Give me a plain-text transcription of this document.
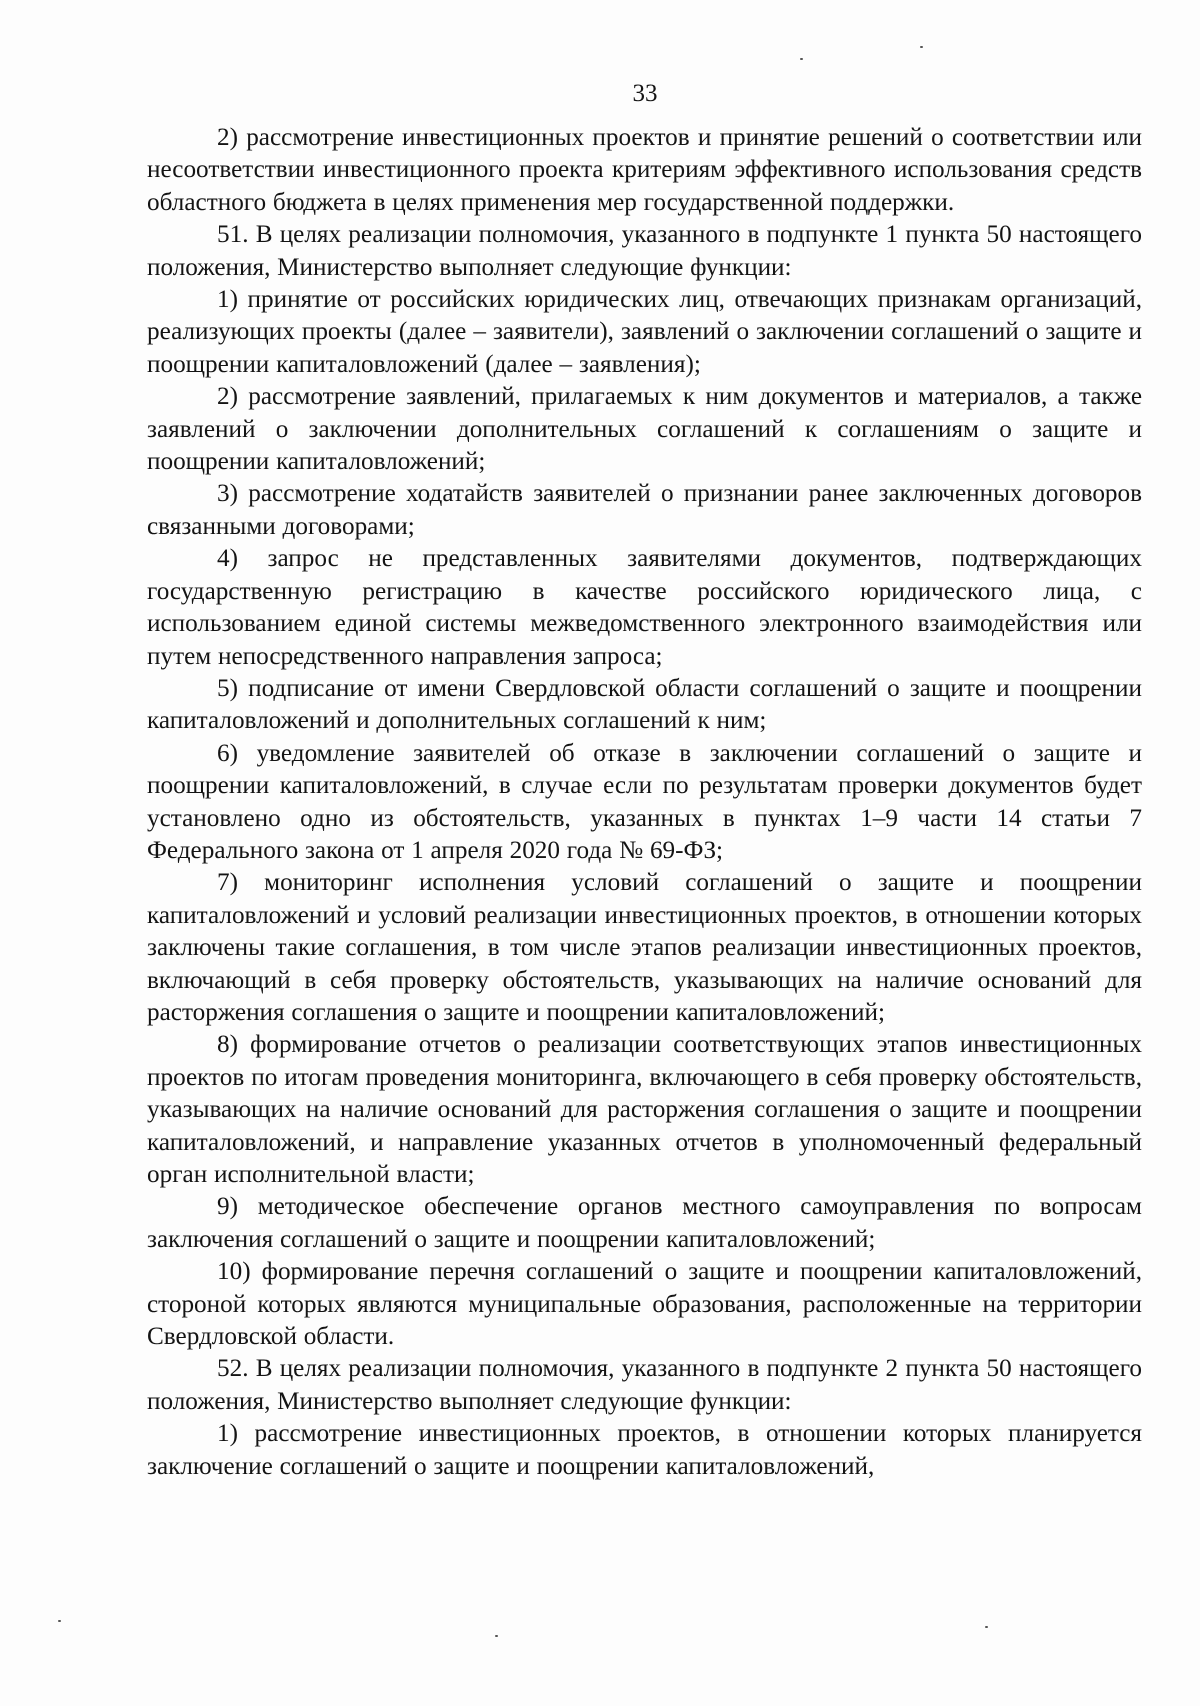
33

2) рассмотрение инвестиционных проектов и принятие решений о соответствии или несоответствии инвестиционного проекта критериям эффективного использования средств областного бюджета в целях применения мер государственной поддержки.

51. В целях реализации полномочия, указанного в подпункте 1 пункта 50 настоящего положения, Министерство выполняет следующие функции:

1) принятие от российских юридических лиц, отвечающих признакам организаций, реализующих проекты (далее – заявители), заявлений о заключении соглашений о защите и поощрении капиталовложений (далее – заявления);

2) рассмотрение заявлений, прилагаемых к ним документов и материалов, а также заявлений о заключении дополнительных соглашений к соглашениям о защите и поощрении капиталовложений;

3) рассмотрение ходатайств заявителей о признании ранее заключенных договоров связанными договорами;

4) запрос не представленных заявителями документов, подтверждающих государственную регистрацию в качестве российского юридического лица, с использованием единой системы межведомственного электронного взаимодействия или путем непосредственного направления запроса;

5) подписание от имени Свердловской области соглашений о защите и поощрении капиталовложений и дополнительных соглашений к ним;

6) уведомление заявителей об отказе в заключении соглашений о защите и поощрении капиталовложений, в случае если по результатам проверки документов будет установлено одно из обстоятельств, указанных в пунктах 1–9 части 14 статьи 7 Федерального закона от 1 апреля 2020 года № 69-ФЗ;

7) мониторинг исполнения условий соглашений о защите и поощрении капиталовложений и условий реализации инвестиционных проектов, в отношении которых заключены такие соглашения, в том числе этапов реализации инвестиционных проектов, включающий в себя проверку обстоятельств, указывающих на наличие оснований для расторжения соглашения о защите и поощрении капиталовложений;

8) формирование отчетов о реализации соответствующих этапов инвестиционных проектов по итогам проведения мониторинга, включающего в себя проверку обстоятельств, указывающих на наличие оснований для расторжения соглашения о защите и поощрении капиталовложений, и направление указанных отчетов в уполномоченный федеральный орган исполнительной власти;

9) методическое обеспечение органов местного самоуправления по вопросам заключения соглашений о защите и поощрении капиталовложений;

10) формирование перечня соглашений о защите и поощрении капиталовложений, стороной которых являются муниципальные образования, расположенные на территории Свердловской области.

52. В целях реализации полномочия, указанного в подпункте 2 пункта 50 настоящего положения, Министерство выполняет следующие функции:

1) рассмотрение инвестиционных проектов, в отношении которых планируется заключение соглашений о защите и поощрении капиталовложений,
